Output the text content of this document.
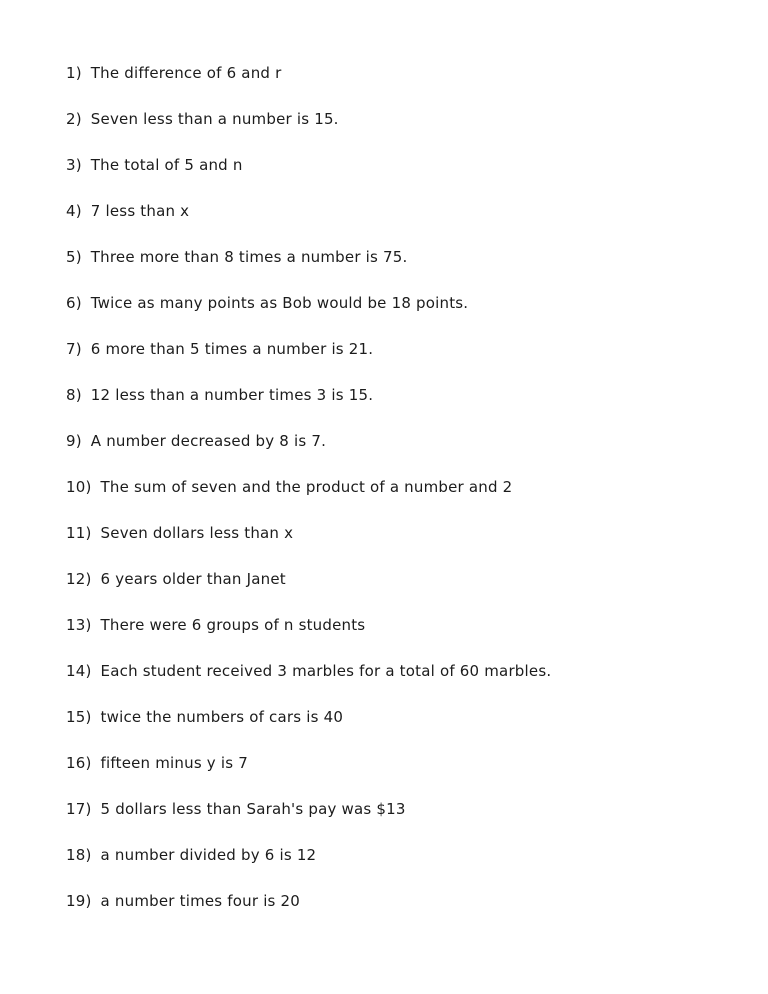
1) The difference of 6 and r
2) Seven less than a number is 15.
3) The total of 5 and n
4) 7 less than x
5) Three more than 8 times a number is 75.
6) Twice as many points as Bob would be 18 points.
7) 6 more than 5 times a number is 21.
8) 12 less than a number times 3 is 15.
9) A number decreased by 8 is 7.
10) The sum of seven and the product of a number and 2
11) Seven dollars less than x
12) 6 years older than Janet
13) There were 6 groups of n students
14) Each student received 3 marbles for a total of 60 marbles.
15) twice the numbers of cars is 40
16) fifteen minus y is 7
17) 5 dollars less than Sarah's pay was $13
18) a number divided by 6 is 12
19) a number times four is 20
